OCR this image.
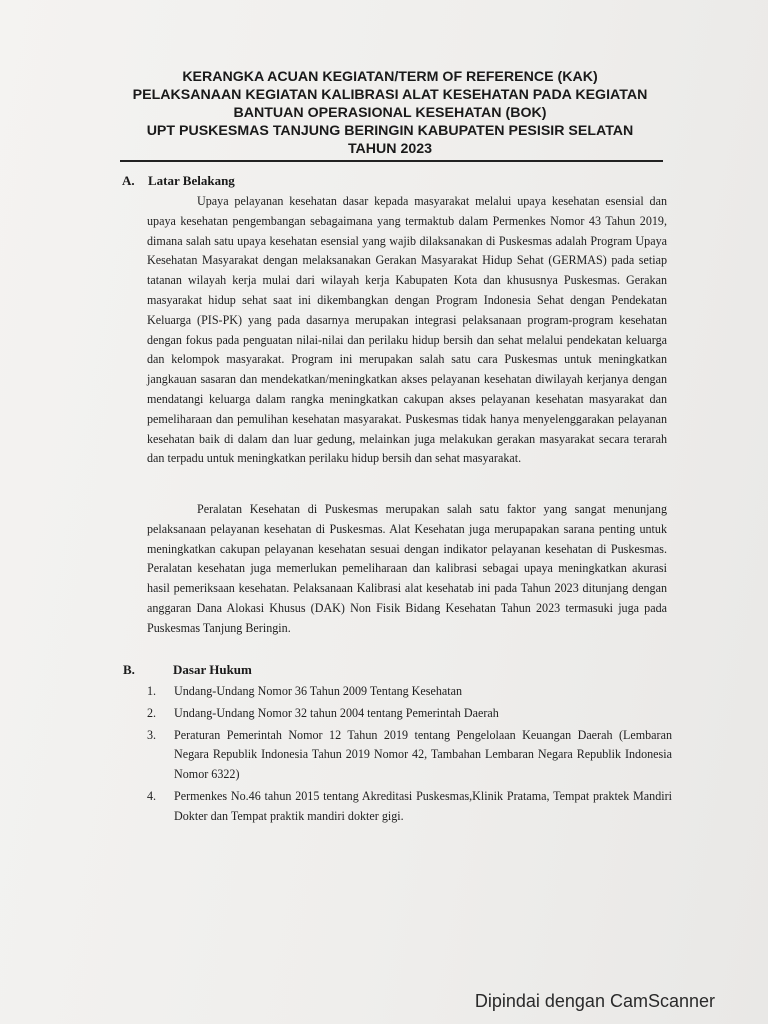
KERANGKA ACUAN KEGIATAN/TERM OF REFERENCE (KAK)
PELAKSANAAN KEGIATAN KALIBRASI ALAT KESEHATAN PADA KEGIATAN
BANTUAN OPERASIONAL KESEHATAN (BOK)
UPT PUSKESMAS TANJUNG BERINGIN KABUPATEN PESISIR SELATAN
TAHUN 2023
A. Latar Belakang

Upaya pelayanan kesehatan dasar kepada masyarakat melalui upaya kesehatan esensial dan upaya kesehatan pengembangan sebagaimana yang termaktub dalam Permenkes Nomor 43 Tahun 2019, dimana salah satu upaya kesehatan esensial yang wajib dilaksanakan di Puskesmas adalah Program Upaya Kesehatan Masyarakat dengan melaksanakan Gerakan Masyarakat Hidup Sehat (GERMAS) pada setiap tatanan wilayah kerja mulai dari wilayah kerja Kabupaten Kota dan khususnya Puskesmas. Gerakan masyarakat hidup sehat saat ini dikembangkan dengan Program Indonesia Sehat dengan Pendekatan Keluarga (PIS-PK) yang pada dasarnya merupakan integrasi pelaksanaan program-program kesehatan dengan fokus pada penguatan nilai-nilai dan perilaku hidup bersih dan sehat melalui pendekatan keluarga dan kelompok masyarakat. Program ini merupakan salah satu cara Puskesmas untuk meningkatkan jangkauan sasaran dan mendekatkan/meningkatkan akses pelayanan kesehatan diwilayah kerjanya dengan mendatangi keluarga dalam rangka meningkatkan cakupan akses pelayanan kesehatan masyarakat dan pemeliharaan dan pemulihan kesehatan masyarakat. Puskesmas tidak hanya menyelenggarakan pelayanan kesehatan baik di dalam dan luar gedung, melainkan juga melakukan gerakan masyarakat secara terarah dan terpadu untuk meningkatkan perilaku hidup bersih dan sehat masyarakat.

Peralatan Kesehatan di Puskesmas merupakan salah satu faktor yang sangat menunjang pelaksanaan pelayanan kesehatan di Puskesmas. Alat Kesehatan juga merupapakan sarana penting untuk meningkatkan cakupan pelayanan kesehatan sesuai dengan indikator pelayanan kesehatan di Puskesmas. Peralatan kesehatan juga memerlukan pemeliharaan dan kalibrasi sebagai upaya meningkatkan akurasi hasil pemeriksaan kesehatan. Pelaksanaan Kalibrasi alat kesehatab ini pada Tahun 2023 ditunjang dengan anggaran Dana Alokasi Khusus (DAK) Non Fisik Bidang Kesehatan Tahun 2023 termasuki juga pada Puskesmas Tanjung Beringin.

B.	Dasar Hukum
1. Undang-Undang Nomor 36 Tahun 2009 Tentang Kesehatan
2. Undang-Undang Nomor 32 tahun 2004 tentang Pemerintah Daerah
3. Peraturan Pemerintah Nomor 12 Tahun 2019 tentang Pengelolaan Keuangan Daerah (Lembaran Negara Republik Indonesia Tahun 2019 Nomor 42, Tambahan Lembaran Negara Republik Indonesia Nomor 6322)
4. Permenkes No.46 tahun 2015 tentang Akreditasi Puskesmas,Klinik Pratama, Tempat praktek Mandiri Dokter dan Tempat praktik mandiri dokter gigi.
Dipindai dengan CamScanner
